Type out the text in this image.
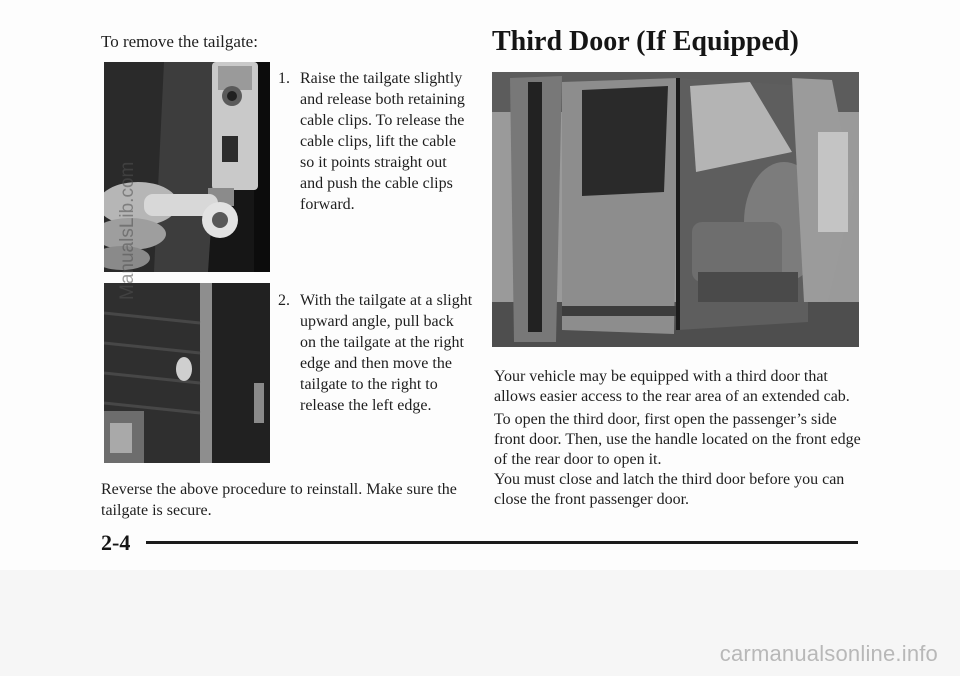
To remove the tailgate:
1. Raise the tailgate slightly and release both retaining cable clips. To release the cable clips, lift the cable so it points straight out and push the cable clips forward.
2. With the tailgate at a slight upward angle, pull back on the tailgate at the right edge and then move the tailgate to the right to release the left edge.
Reverse the above procedure to reinstall. Make sure the tailgate is secure.
Third Door (If Equipped)

Your vehicle may be equipped with a third door that allows easier access to the rear area of an extended cab.

To open the third door, first open the passenger’s side front door. Then, use the handle located on the front edge of the rear door to open it.

You must close and latch the third door before you can close the front passenger door.

2-4
ManualsLib.com
carmanualsonline.info
